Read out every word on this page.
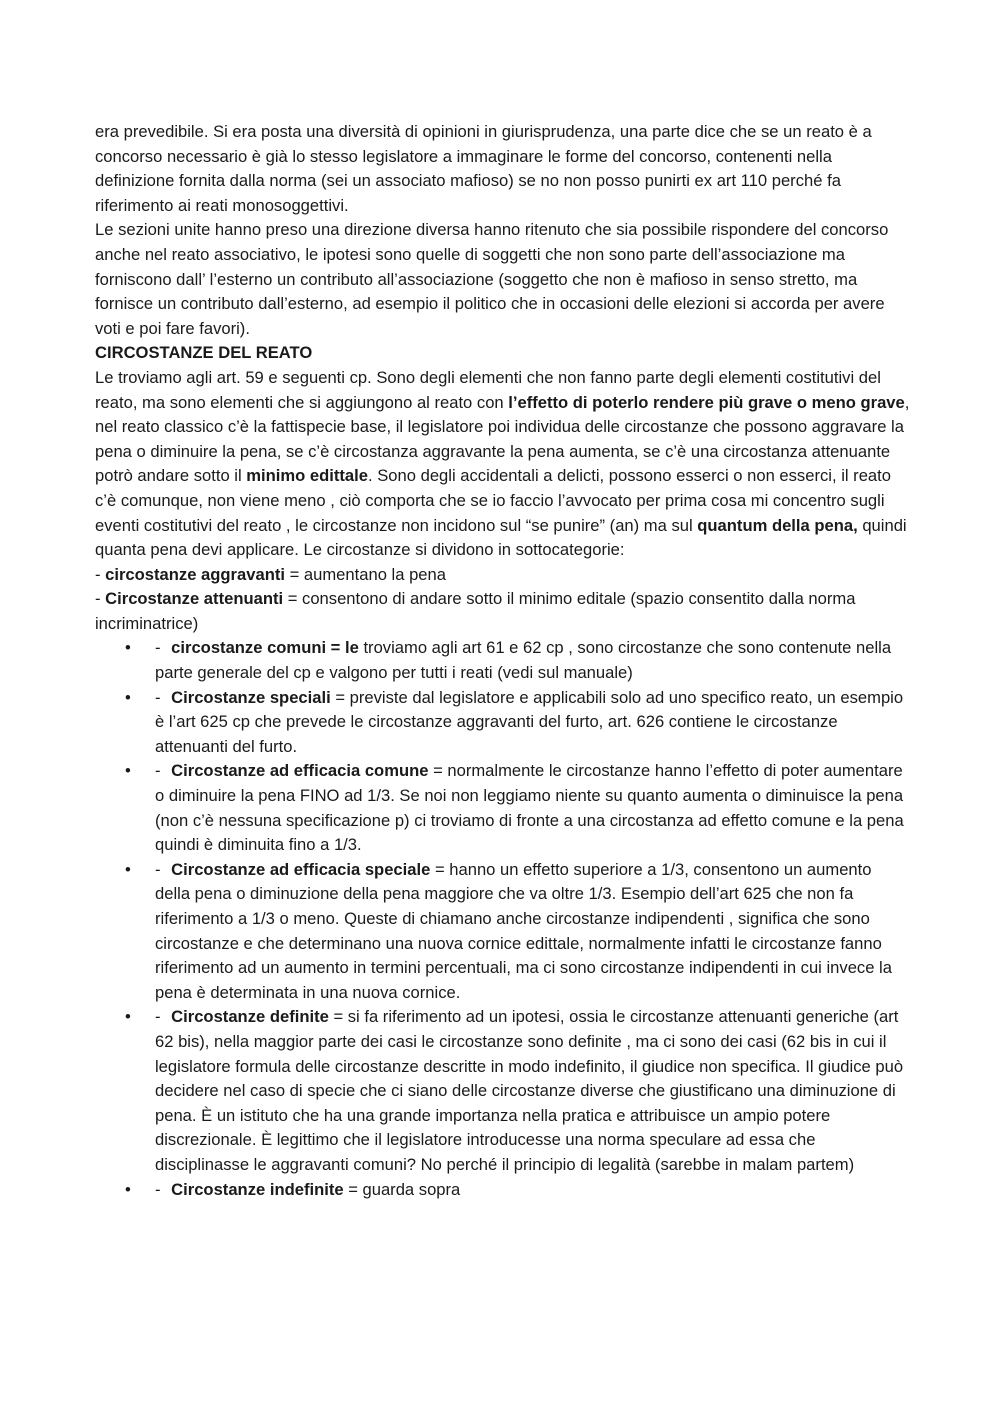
era prevedibile. Si era posta una diversità di opinioni in giurisprudenza, una parte dice che se un reato è a concorso necessario è già lo stesso legislatore a immaginare le forme del concorso, contenenti nella definizione fornita dalla norma (sei un associato mafioso) se no non posso punirti ex art 110 perché fa riferimento ai reati monosoggettivi.

Le sezioni unite hanno preso una direzione diversa hanno ritenuto che sia possibile rispondere del concorso anche nel reato associativo, le ipotesi sono quelle di soggetti che non sono parte dell’associazione ma forniscono dall’ l’esterno un contributo all’associazione (soggetto che non è mafioso in senso stretto, ma fornisce un contributo dall’esterno, ad esempio il politico che in occasioni delle elezioni si accorda per avere voti e poi fare favori).

CIRCOSTANZE DEL REATO

Le troviamo agli art. 59 e seguenti cp. Sono degli elementi che non fanno parte degli elementi costitutivi del reato, ma sono elementi che si aggiungono al reato con l’effetto di poterlo rendere più grave o meno grave, nel reato classico c’è la fattispecie base, il legislatore poi individua delle circostanze che possono aggravare la pena o diminuire la pena, se c’è circostanza aggravante la pena aumenta, se c’è una circostanza attenuante potrò andare sotto il minimo edittale. Sono degli accidentali a delicti, possono esserci o non esserci, il reato c’è comunque, non viene meno , ciò comporta che se io faccio l’avvocato per prima cosa mi concentro sugli eventi costitutivi del reato , le circostanze non incidono sul “se punire” (an) ma sul quantum della pena, quindi quanta pena devi applicare. Le circostanze si dividono in sottocategorie:

- circostanze aggravanti = aumentano la pena

- Circostanze attenuanti = consentono di andare sotto il minimo editale (spazio consentito dalla norma

incriminatrice)

• - circostanze comuni = le troviamo agli art 61 e 62 cp , sono circostanze che sono contenute nella parte generale del cp e valgono per tutti i reati (vedi sul manuale)
• - Circostanze speciali = previste dal legislatore e applicabili solo ad uno specifico reato, un esempio è l’art 625 cp che prevede le circostanze aggravanti del furto, art. 626 contiene le circostanze attenuanti del furto.
• - Circostanze ad efficacia comune = normalmente le circostanze hanno l’effetto di poter aumentare o diminuire la pena FINO ad 1/3. Se noi non leggiamo niente su quanto aumenta o diminuisce la pena (non c’è nessuna specificazione p) ci troviamo di fronte a una circostanza ad effetto comune e la pena quindi è diminuita fino a 1/3.
• - Circostanze ad efficacia speciale = hanno un effetto superiore a 1/3, consentono un aumento della pena o diminuzione della pena maggiore che va oltre 1/3. Esempio dell’art 625 che non fa riferimento a 1/3 o meno. Queste di chiamano anche circostanze indipendenti , significa che sono circostanze e che determinano una nuova cornice edittale, normalmente infatti le circostanze fanno riferimento ad un aumento in termini percentuali, ma ci sono circostanze indipendenti in cui invece la pena è determinata in una nuova cornice.
• - Circostanze definite = si fa riferimento ad un ipotesi, ossia le circostanze attenuanti generiche (art 62 bis), nella maggior parte dei casi le circostanze sono definite , ma ci sono dei casi (62 bis in cui il legislatore formula delle circostanze descritte in modo indefinito, il giudice non specifica. Il giudice può decidere nel caso di specie che ci siano delle circostanze diverse che giustificano una diminuzione di pena. È un istituto che ha una grande importanza nella pratica e attribuisce un ampio potere discrezionale. È legittimo che il legislatore introducesse una norma speculare ad essa che disciplinasse le aggravanti comuni? No perché il principio di legalità (sarebbe in malam partem)
• - Circostanze indefinite = guarda sopra
